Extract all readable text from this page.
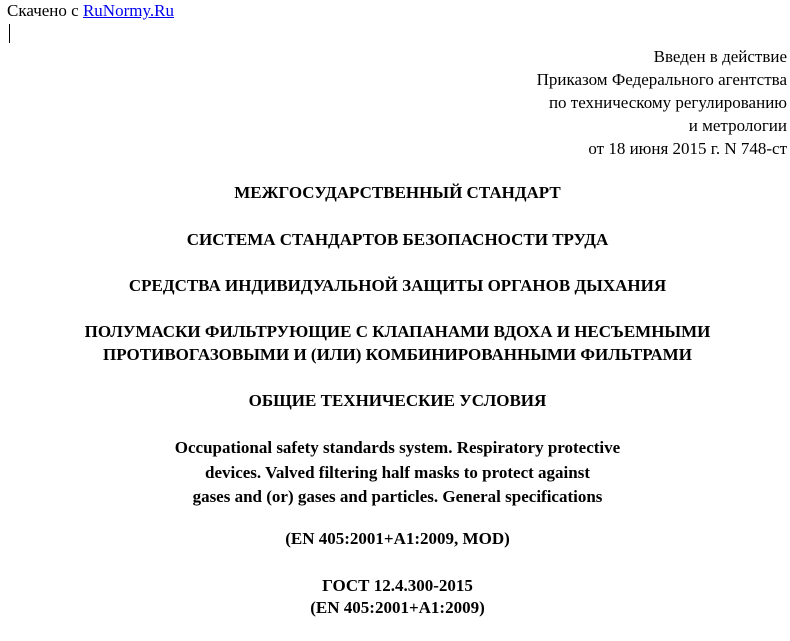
Скачено с RuNormy.Ru
Введен в действие
Приказом Федерального агентства
по техническому регулированию
и метрологии
от 18 июня 2015 г. N 748-ст
МЕЖГОСУДАРСТВЕННЫЙ СТАНДАРТ
СИСТЕМА СТАНДАРТОВ БЕЗОПАСНОСТИ ТРУДА
СРЕДСТВА ИНДИВИДУАЛЬНОЙ ЗАЩИТЫ ОРГАНОВ ДЫХАНИЯ
ПОЛУМАСКИ ФИЛЬТРУЮЩИЕ С КЛАПАНАМИ ВДОХА И НЕСЪЕМНЫМИ
ПРОТИВОГАЗОВЫМИ И (ИЛИ) КОМБИНИРОВАННЫМИ ФИЛЬТРАМИ
ОБЩИЕ ТЕХНИЧЕСКИЕ УСЛОВИЯ
Occupational safety standards system. Respiratory protective
devices. Valved filtering half masks to protect against
gases and (or) gases and particles. General specifications
(EN 405:2001+A1:2009, MOD)
ГОСТ 12.4.300-2015
(EN 405:2001+A1:2009)
